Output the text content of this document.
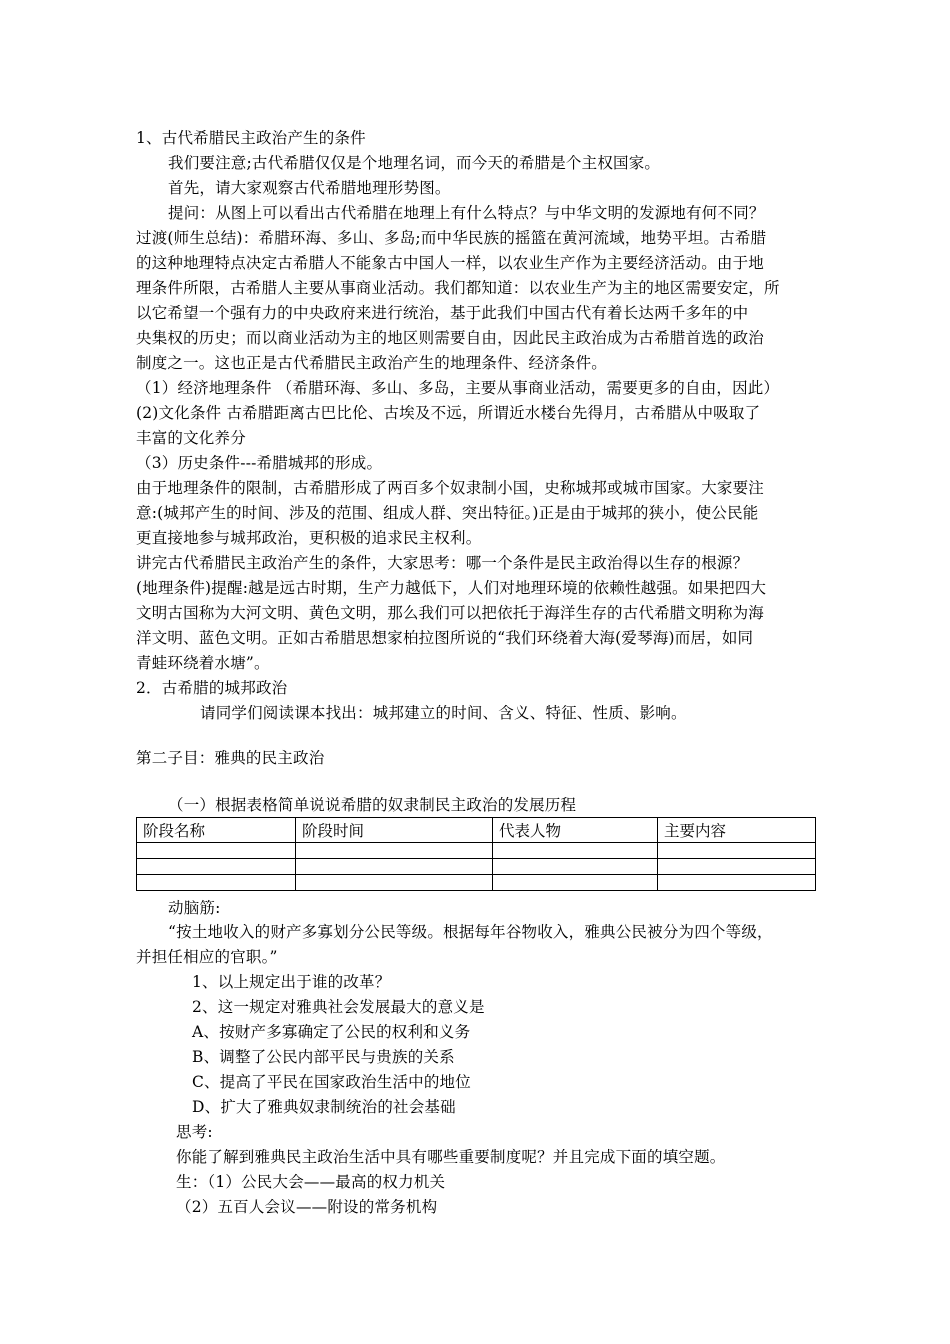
1、古代希腊民主政治产生的条件
我们要注意;古代希腊仅仅是个地理名词，而今天的希腊是个主权国家。
首先，请大家观察古代希腊地理形势图。
提问：从图上可以看出古代希腊在地理上有什么特点？与中华文明的发源地有何不同？
过渡(师生总结)：希腊环海、多山、多岛;而中华民族的摇篮在黄河流域，地势平坦。古希腊
的这种地理特点决定古希腊人不能象古中国人一样，以农业生产作为主要经济活动。由于地
理条件所限，古希腊人主要从事商业活动。我们都知道：以农业生产为主的地区需要安定，所
以它希望一个强有力的中央政府来进行统治，基于此我们中国古代有着长达两千多年的中
央集权的历史；而以商业活动为主的地区则需要自由，因此民主政治成为古希腊首选的政治
制度之一。这也正是古代希腊民主政治产生的地理条件、经济条件。
（1）经济地理条件 （希腊环海、多山、多岛，主要从事商业活动，需要更多的自由，因此）
(2)文化条件 古希腊距离古巴比伦、古埃及不远，所谓近水楼台先得月，古希腊从中吸取了
丰富的文化养分
（3）历史条件---希腊城邦的形成。
由于地理条件的限制，古希腊形成了两百多个奴隶制小国，史称城邦或城市国家。大家要注
意:(城邦产生的时间、涉及的范围、组成人群、突出特征。)正是由于城邦的狭小，使公民能
更直接地参与城邦政治，更积极的追求民主权利。
讲完古代希腊民主政治产生的条件，大家思考：哪一个条件是民主政治得以生存的根源？
(地理条件)提醒:越是远古时期，生产力越低下，人们对地理环境的依赖性越强。如果把四大
文明古国称为大河文明、黄色文明，那么我们可以把依托于海洋生存的古代希腊文明称为海
洋文明、蓝色文明。正如古希腊思想家柏拉图所说的“我们环绕着大海(爱琴海)而居，如同
青蛙环绕着水塘”。
2．古希腊的城邦政治
请同学们阅读课本找出：城邦建立的时间、含义、特征、性质、影响。
第二子目：雅典的民主政治
（一）根据表格简单说说希腊的奴隶制民主政治的发展历程
阶段名称	阶段时间	代表人物	主要内容

动脑筋:
“按土地收入的财产多寡划分公民等级。根据每年谷物收入，雅典公民被分为四个等级，
并担任相应的官职。”
1、以上规定出于谁的改革？
2、这一规定对雅典社会发展最大的意义是
A、按财产多寡确定了公民的权利和义务
B、调整了公民内部平民与贵族的关系
C、提高了平民在国家政治生活中的地位
D、扩大了雅典奴隶制统治的社会基础
思考:
你能了解到雅典民主政治生活中具有哪些重要制度呢？并且完成下面的填空题。
生：（1）公民大会——最高的权力机关
（2）五百人会议——附设的常务机构
